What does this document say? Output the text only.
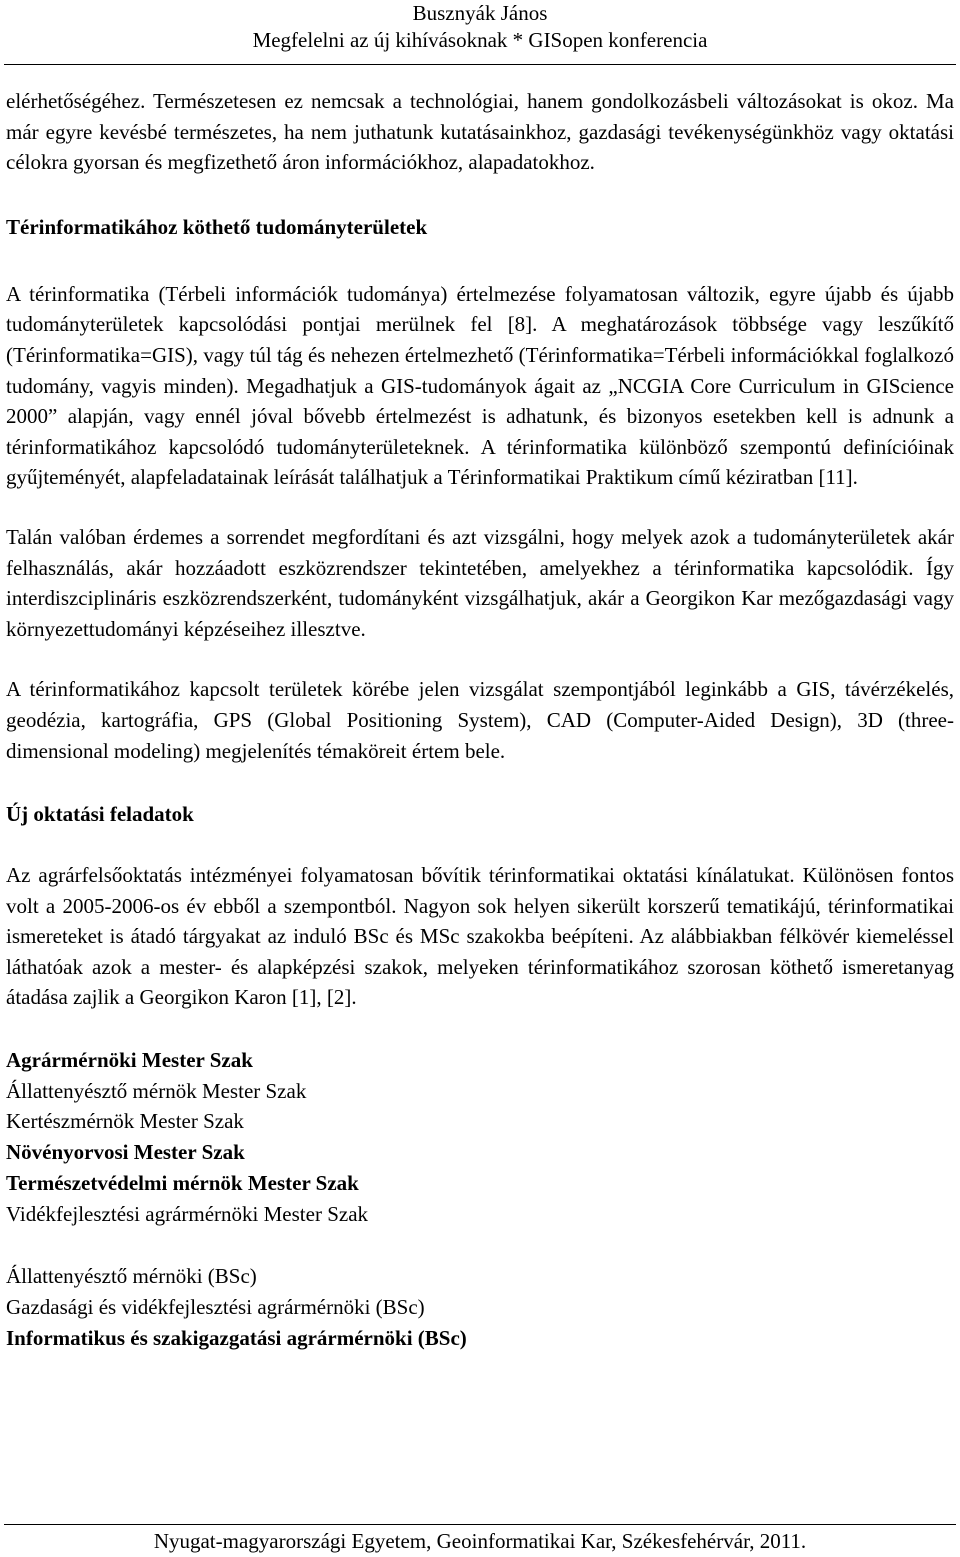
Busznyák János
Megfelelni az új kihívásoknak * GISopen konferencia

elérhetőségéhez. Természetesen ez nemcsak a technológiai, hanem gondolkozásbeli változásokat is okoz. Ma már egyre kevésbé természetes, ha nem juthatunk kutatásainkhoz, gazdasági tevékenységünkhöz vagy oktatási célokra gyorsan és megfizethető áron információkhoz, alapadatokhoz.

Térinformatikához köthető tudományterületek

A térinformatika (Térbeli információk tudománya) értelmezése folyamatosan változik, egyre újabb és újabb tudományterületek kapcsolódási pontjai merülnek fel [8]. A meghatározások többsége vagy leszűkítő (Térinformatika=GIS), vagy túl tág és nehezen értelmezhető (Térinformatika=Térbeli információkkal foglalkozó tudomány, vagyis minden). Megadhatjuk a GIS-tudományok ágait az „NCGIA Core Curriculum in GIScience 2000” alapján, vagy ennél jóval bővebb értelmezést is adhatunk, és bizonyos esetekben kell is adnunk a térinformatikához kapcsolódó tudományterületeknek. A térinformatika különböző szempontú definícióinak gyűjteményét, alapfeladatainak leírását találhatjuk a Térinformatikai Praktikum című kéziratban [11].

Talán valóban érdemes a sorrendet megfordítani és azt vizsgálni, hogy melyek azok a tudományterületek akár felhasználás, akár hozzáadott eszközrendszer tekintetében, amelyekhez a térinformatika kapcsolódik. Így interdiszciplináris eszközrendszerként, tudományként vizsgálhatjuk, akár a Georgikon Kar mezőgazdasági vagy környezettudományi képzéseihez illesztve.

A térinformatikához kapcsolt területek körébe jelen vizsgálat szempontjából leginkább a GIS, távérzékelés, geodézia, kartográfia, GPS (Global Positioning System), CAD (Computer-Aided Design), 3D (three-dimensional modeling) megjelenítés témaköreit értem bele.

Új oktatási feladatok

Az agrárfelsőoktatás intézményei folyamatosan bővítik térinformatikai oktatási kínálatukat. Különösen fontos volt a 2005-2006-os év ebből a szempontból. Nagyon sok helyen sikerült korszerű tematikájú, térinformatikai ismereteket is átadó tárgyakat az induló BSc és MSc szakokba beépíteni. Az alábbiakban félkövér kiemeléssel láthatóak azok a mester- és alapképzési szakok, melyeken térinformatikához szorosan köthető ismeretanyag átadása zajlik a Georgikon Karon [1], [2].

Agrármérnöki Mester Szak
Állattenyésztő mérnök Mester Szak
Kertészmérnök Mester Szak
Növényorvosi Mester Szak
Természetvédelmi mérnök Mester Szak
Vidékfejlesztési agrármérnöki Mester Szak
Állattenyésztő mérnöki (BSc)
Gazdasági és vidékfejlesztési agrármérnöki (BSc)
Informatikus és szakigazgatási agrármérnöki (BSc)
Nyugat-magyarországi Egyetem, Geoinformatikai Kar, Székesfehérvár, 2011.
